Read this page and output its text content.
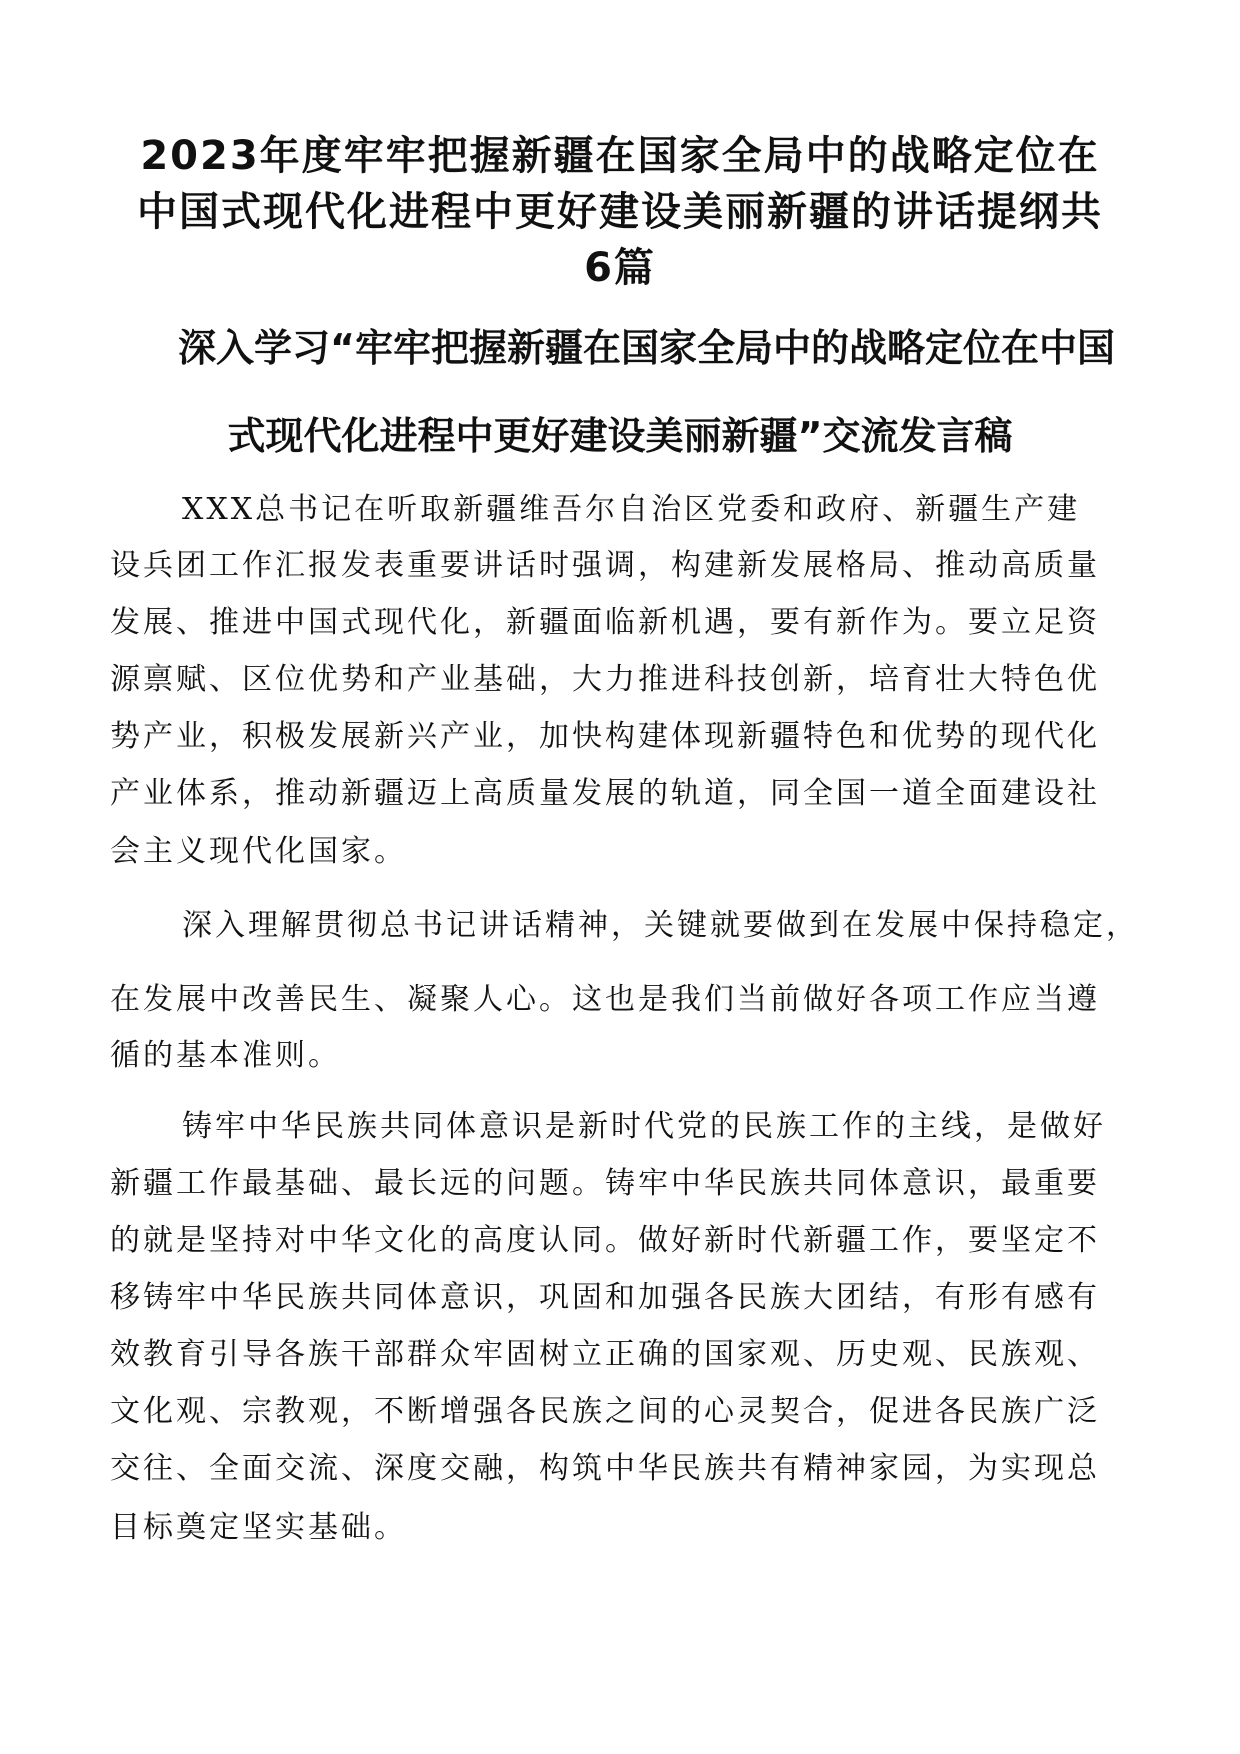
2023年度牢牢把握新疆在国家全局中的战略定位在
中国式现代化进程中更好建设美丽新疆的讲话提纲共
6篇
深入学习“牢牢把握新疆在国家全局中的战略定位在中国
式现代化进程中更好建设美丽新疆”交流发言稿

XXX总书记在听取新疆维吾尔自治区党委和政府、新疆生产建

设兵团工作汇报发表重要讲话时强调，构建新发展格局、推动高质量

发展、推进中国式现代化，新疆面临新机遇，要有新作为。要立足资

源禀赋、区位优势和产业基础，大力推进科技创新，培育壮大特色优

势产业，积极发展新兴产业，加快构建体现新疆特色和优势的现代化

产业体系，推动新疆迈上高质量发展的轨道，同全国一道全面建设社

会主义现代化国家。

深入理解贯彻总书记讲话精神，关键就要做到在发展中保持稳定，

在发展中改善民生、凝聚人心。这也是我们当前做好各项工作应当遵

循的基本准则。

铸牢中华民族共同体意识是新时代党的民族工作的主线，是做好

新疆工作最基础、最长远的问题。铸牢中华民族共同体意识，最重要

的就是坚持对中华文化的高度认同。做好新时代新疆工作，要坚定不

移铸牢中华民族共同体意识，巩固和加强各民族大团结，有形有感有

效教育引导各族干部群众牢固树立正确的国家观、历史观、民族观、

文化观、宗教观，不断增强各民族之间的心灵契合，促进各民族广泛

交往、全面交流、深度交融，构筑中华民族共有精神家园，为实现总

目标奠定坚实基础。
